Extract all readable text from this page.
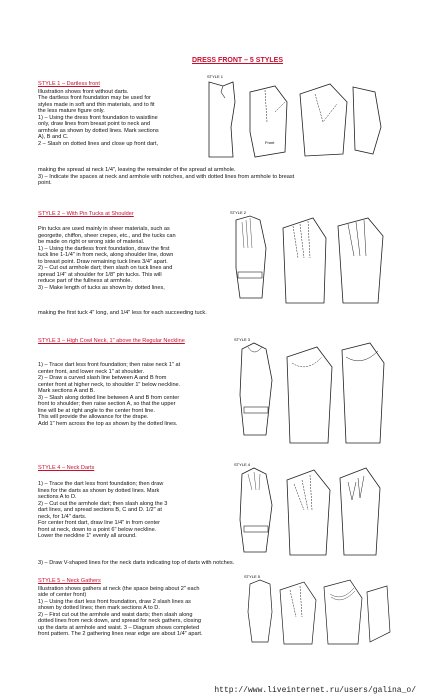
DRESS FRONT – 5 STYLES
STYLE 1 – Dartless front

Illustration shows front without darts.

The dartless front foundation may be used for

styles made in soft and thin materials, and to fit

the less mature figure only.

1) – Using the dress front foundation to waistline

only, draw lines from breast point to neck and

armhole as shown by dotted lines. Mark sections

A), B and C.

2 – Slash on dotted lines and close up front dart,

making the spread at neck 1/4", leaving the remainder of the spread at armhole.

3) – Indicate the spaces at neck and armhole with notches, and with dotted lines from armhole to breast

point.

STYLE 1
Front
STYLE 2 – With Pin Tucks at Shoulder

Pin tucks are used mainly in sheer materials, such as

georgette, chiffon, sheer crepes, etc., and the tucks can

be made on right or wrong side of material.

1) – Using the dartless front foundation, draw the first

tuck line 1-1/4" in from neck, along shoulder line, down

to breast point. Draw remaining tuck lines 3/4" apart.

2) – Cut out armhole dart; then slash on tuck lines and

spread 1/4" at shoulder for 1/8" pin tucks. This will

reduce part of the fullness at armhole.

3) – Make length of tucks as shown by dotted lines,

making the first tuck 4" long, and 1/4" less for each succeeding tuck.

STYLE 2
STYLE 3 – High Cowl Neck, 1" above the Regular Neckline

1) – Trace dart less front foundation; then raise neck 1" at

center front, and lower neck 1" at shoulder.

2) – Draw a curved slash line between A and B from

center front at higher neck, to shoulder 1" below neckline.

Mark sections A and B.

3) – Slash along dotted line between A and B from center

front to shoulder; then raise section A, so that the upper

line will be at right angle to the center front line.

This will provide the allowance for the drape.

Add 1" hem across the top as shown by the dotted lines.

STYLE 3
STYLE 4 – Neck Darts

1) – Trace the dart less front foundation; then draw

lines for the darts as shown by dotted lines. Mark

sections A to D.

2) – Cut out the armhole dart; then slash along the 3

dart lines, and spread sections B, C and D. 1/2" at

neck, for 1/4" darts.

For center front dart, draw line 1/4" in from center

front at neck, down to a point 6" below neckline.

Lower the neckline 1" evenly all around.

3) – Draw V-shaped lines for the neck darts indicating top of darts with notches.

STYLE 4
STYLE 5 – Neck Gathers

Illustration shows gathers at neck (the space being about 2" each

side of center front)

1) – Using the dart less front foundation, draw 2 slash lines as

shown by dotted lines; then mark sections A to D.

2) – First cut out the armhole and waist darts; then slash along

dotted lines from neck down, and spread for neck gathers, closing

up the darts at armhole and waist. 3 – Diagram shows completed

front pattern. The 2 gathering lines near edge are about 1/4" apart.

STYLE 5
http://www.liveinternet.ru/users/galina_o/
